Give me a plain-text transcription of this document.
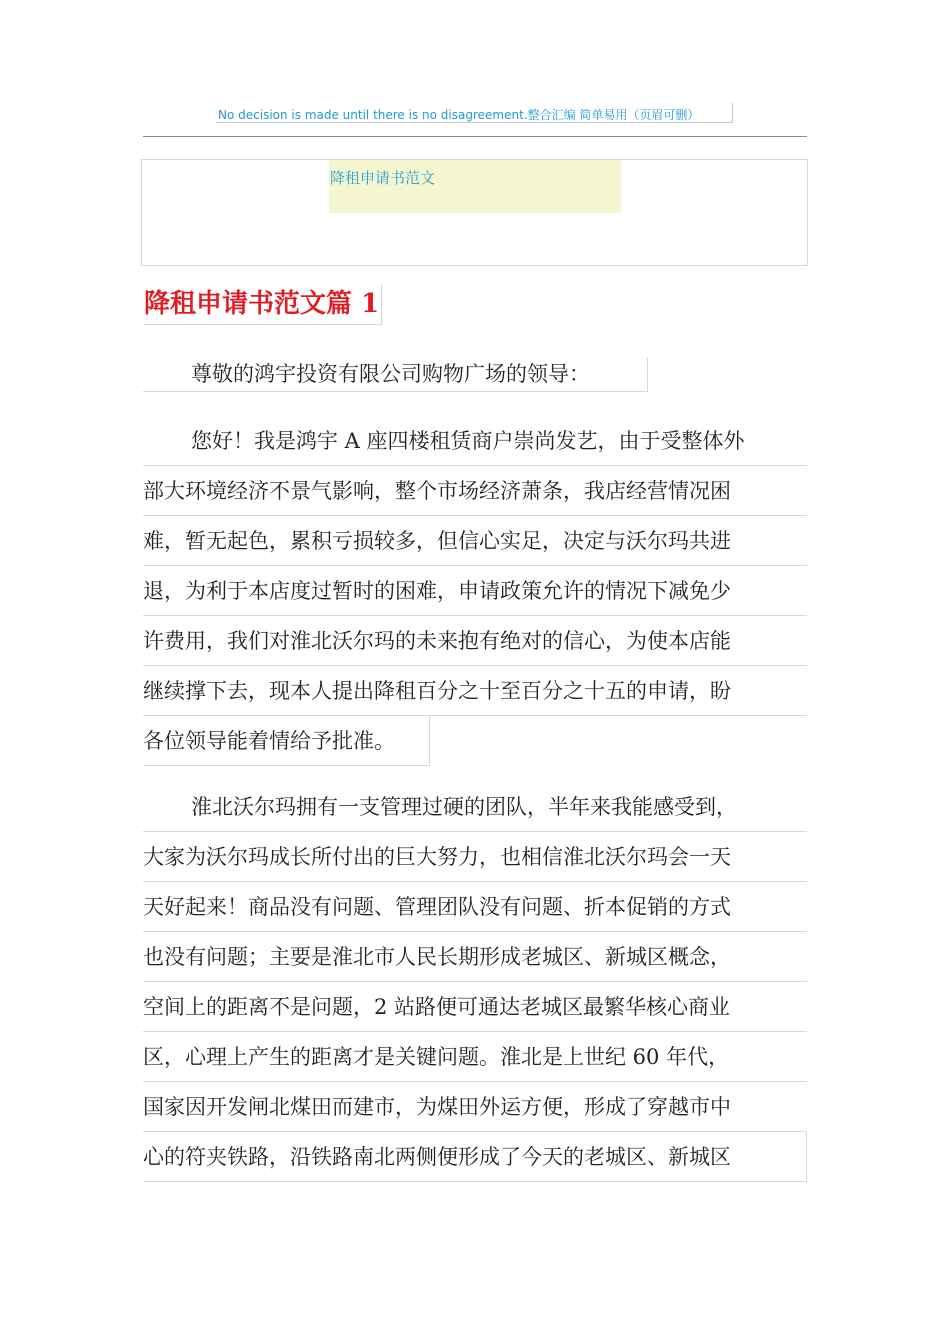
No decision is made until there is no disagreement.整合汇编 简单易用（页眉可删）
降租申请书范文
降租申请书范文篇 1
尊敬的鸿宇投资有限公司购物广场的领导：
您好！我是鸿宇 A 座四楼租赁商户崇尚发艺，由于受整体外
部大环境经济不景气影响，整个市场经济萧条，我店经营情况困
难，暂无起色，累积亏损较多，但信心实足，决定与沃尔玛共进
退，为利于本店度过暂时的困难，申请政策允许的情况下减免少
许费用，我们对淮北沃尔玛的未来抱有绝对的信心，为使本店能
继续撑下去，现本人提出降租百分之十至百分之十五的申请，盼
各位领导能着情给予批准。
淮北沃尔玛拥有一支管理过硬的团队，半年来我能感受到，
大家为沃尔玛成长所付出的巨大努力，也相信淮北沃尔玛会一天
天好起来！商品没有问题、管理团队没有问题、折本促销的方式
也没有问题；主要是淮北市人民长期形成老城区、新城区概念，
空间上的距离不是问题，2 站路便可通达老城区最繁华核心商业
区，心理上产生的距离才是关键问题。淮北是上世纪 60 年代，
国家因开发闸北煤田而建市，为煤田外运方便，形成了穿越市中
心的符夹铁路，沿铁路南北两侧便形成了今天的老城区、新城区
